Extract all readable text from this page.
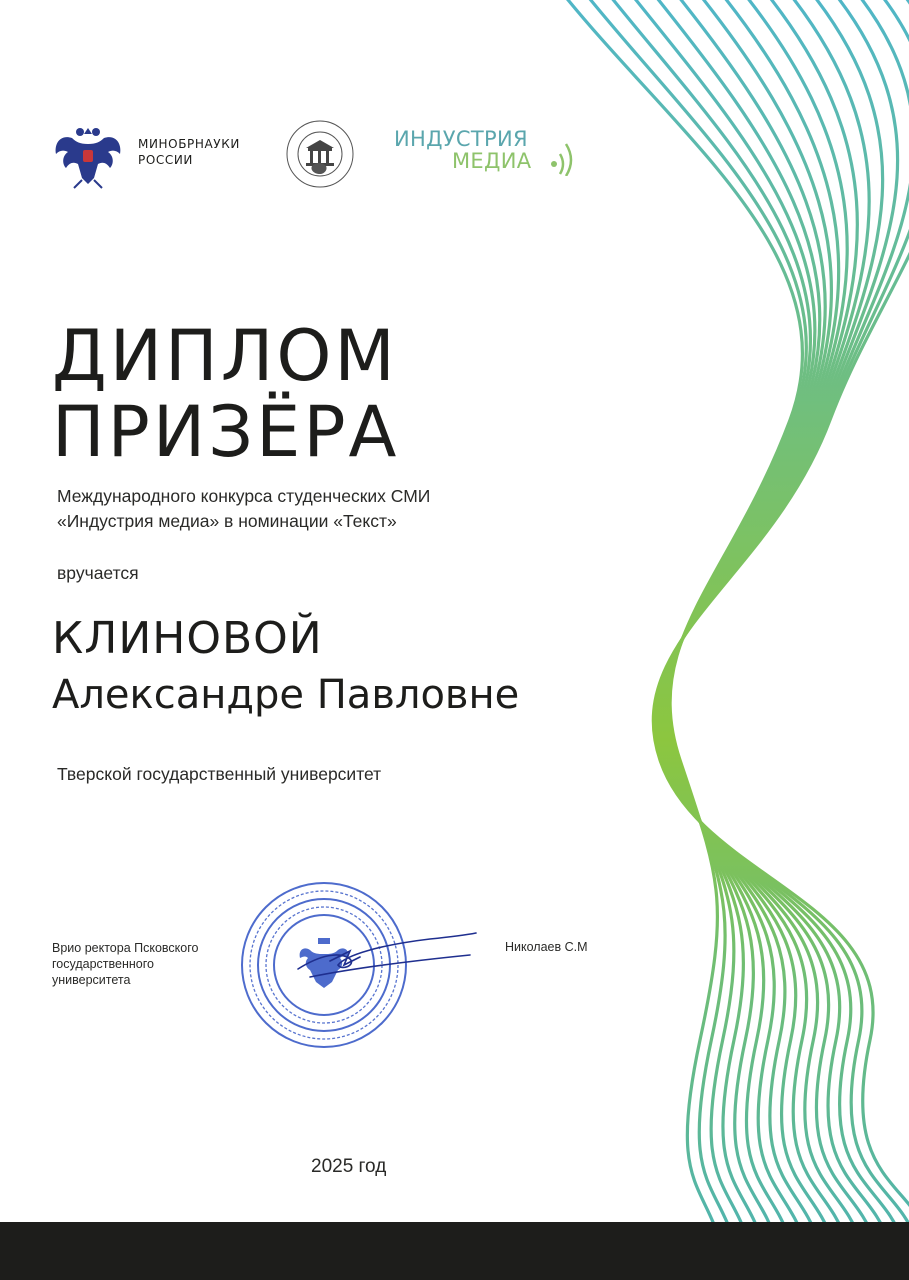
МИНОБРНАУКИ
РОССИИ
ИНДУСТРИЯ
МЕДИА
ДИПЛОМ
ПРИЗЁРА
Международного конкурса студенческих СМИ
«Индустрия медиа» в номинации «Текст»
вручается
КЛИНОВОЙ
Александре Павловне
Тверской государственный университет
Врио ректора Псковского
государственного
университета
Николаев С.М
2025 год
